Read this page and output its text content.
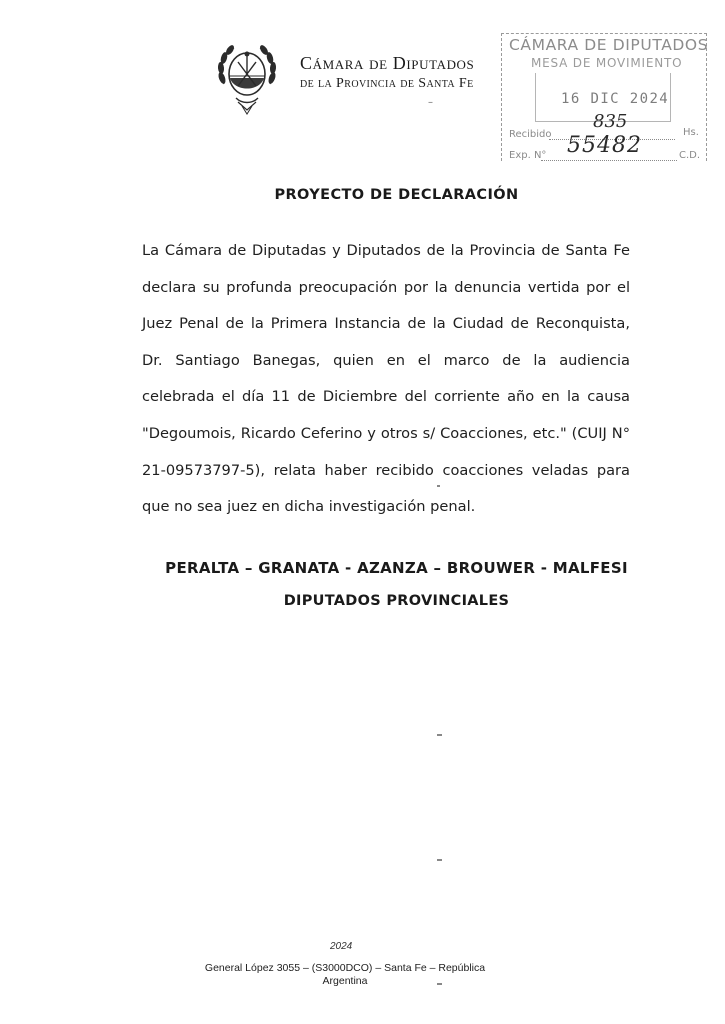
Cámara de Diputados
de la Provincia de Santa Fe
–
CÁMARA DE DIPUTADOS
MESA DE MOVIMIENTO
16 DIC 2024
835
Recibido	Hs.
55482
Exp. N°	C.D.
PROYECTO DE DECLARACIÓN

La Cámara de Diputadas y Diputados de la Provincia de Santa Fe declara su profunda preocupación por la denuncia vertida por el Juez Penal de la Primera Instancia de la Ciudad de Reconquista, Dr. Santiago Banegas, quien en el marco de la audiencia celebrada el día 11 de Diciembre del corriente año en la causa "Degoumois, Ricardo Ceferino y otros s/ Coacciones, etc." (CUIJ N° 21-09573797-5), relata haber recibido coacciones veladas para que no sea juez en dicha investigación penal.

PERALTA – GRANATA - AZANZA – BROUWER - MALFESI
DIPUTADOS PROVINCIALES
2024
General López 3055 – (S3000DCO) – Santa Fe – República
Argentina
